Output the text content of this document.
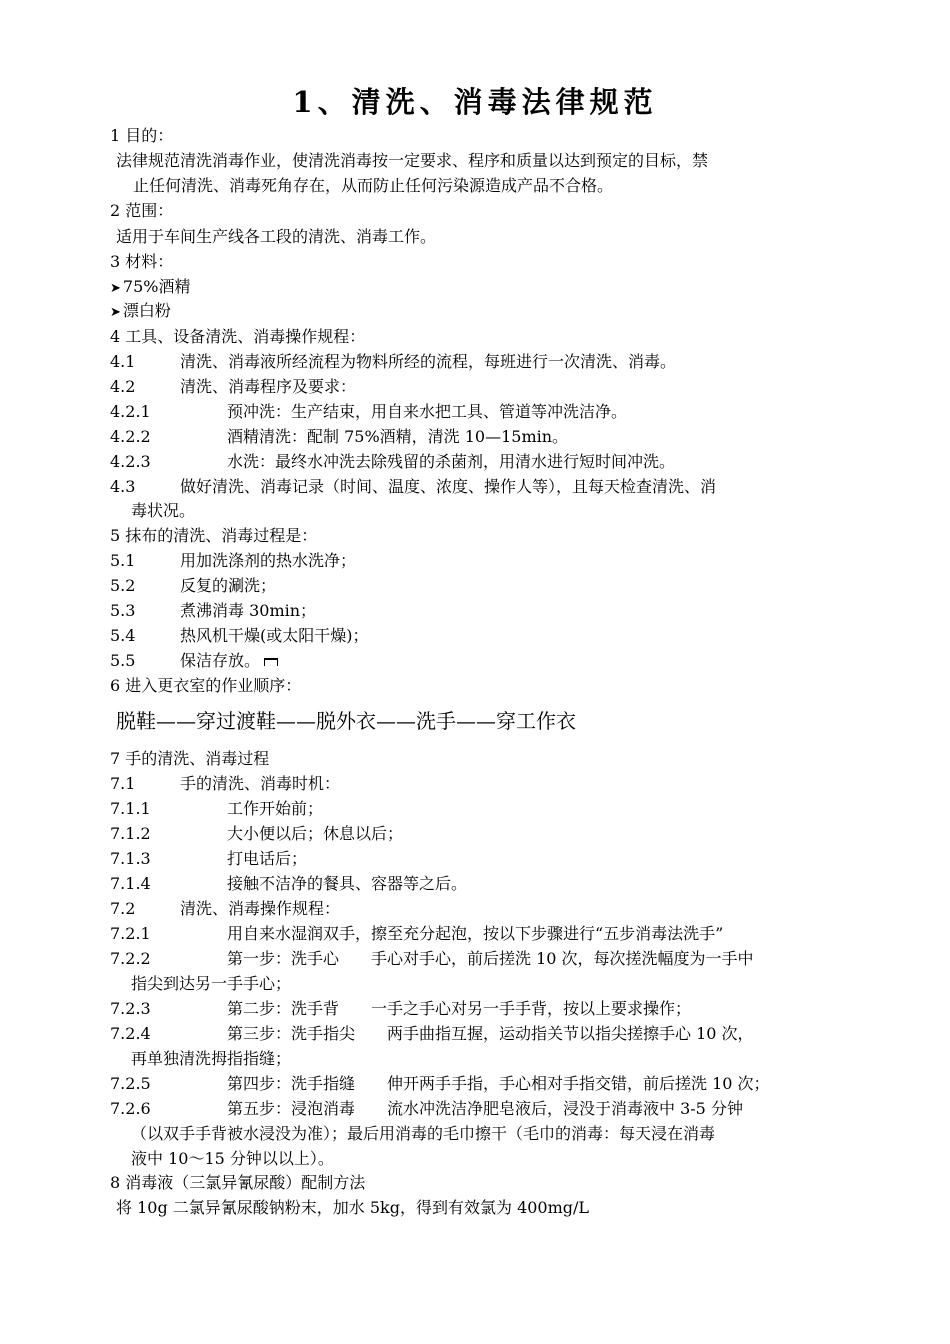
1、清洗、消毒法律规范
1 目的：
法律规范清洗消毒作业，使清洗消毒按一定要求、程序和质量以达到预定的目标，禁
止任何清洗、消毒死角存在，从而防止任何污染源造成产品不合格。
2 范围：
适用于车间生产线各工段的清洗、消毒工作。
3 材料：
➤ 75%酒精
➤ 漂白粉
4 工具、设备清洗、消毒操作规程：
4.1	清洗、消毒液所经流程为物料所经的流程，每班进行一次清洗、消毒。
4.2	清洗、消毒程序及要求：
4.2.1	预冲洗：生产结束，用自来水把工具、管道等冲洗洁净。
4.2.2	酒精清洗：配制 75%酒精，清洗 10—15min。
4.2.3	水洗：最终水冲洗去除残留的杀菌剂，用清水进行短时间冲洗。
4.3	做好清洗、消毒记录（时间、温度、浓度、操作人等），且每天检查清洗、消
毒状况。
5 抹布的清洗、消毒过程是：
5.1	用加洗涤剂的热水洗净；
5.2	反复的涮洗；
5.3	煮沸消毒 30min；
5.4	热风机干燥(或太阳干燥)；
5.5	保洁存放。
6 进入更衣室的作业顺序：
脱鞋——穿过渡鞋——脱外衣——洗手——穿工作衣
7 手的清洗、消毒过程
7.1	手的清洗、消毒时机：
7.1.1	工作开始前；
7.1.2	大小便以后；休息以后；
7.1.3	打电话后；
7.1.4	接触不洁净的餐具、容器等之后。
7.2	清洗、消毒操作规程：
7.2.1	用自来水湿润双手，擦至充分起泡，按以下步骤进行“五步消毒法洗手”
7.2.2	第一步：洗手心　　手心对手心，前后搓洗 10 次，每次搓洗幅度为一手中
指尖到达另一手手心；
7.2.3	第二步：洗手背　　一手之手心对另一手手背，按以上要求操作；
7.2.4	第三步：洗手指尖　　两手曲指互握，运动指关节以指尖搓擦手心 10 次，
再单独清洗拇指指缝；
7.2.5	第四步：洗手指缝　　伸开两手手指，手心相对手指交错，前后搓洗 10 次；
7.2.6	第五步：浸泡消毒　　流水冲洗洁净肥皂液后，浸没于消毒液中 3-5 分钟
（以双手手背被水浸没为准）；最后用消毒的毛巾擦干（毛巾的消毒：每天浸在消毒
液中 10～15 分钟以以上）。
8 消毒液（三氯异氰尿酸）配制方法
将 10g 二氯异氰尿酸钠粉末，加水 5kg，得到有效氯为 400mg/L
